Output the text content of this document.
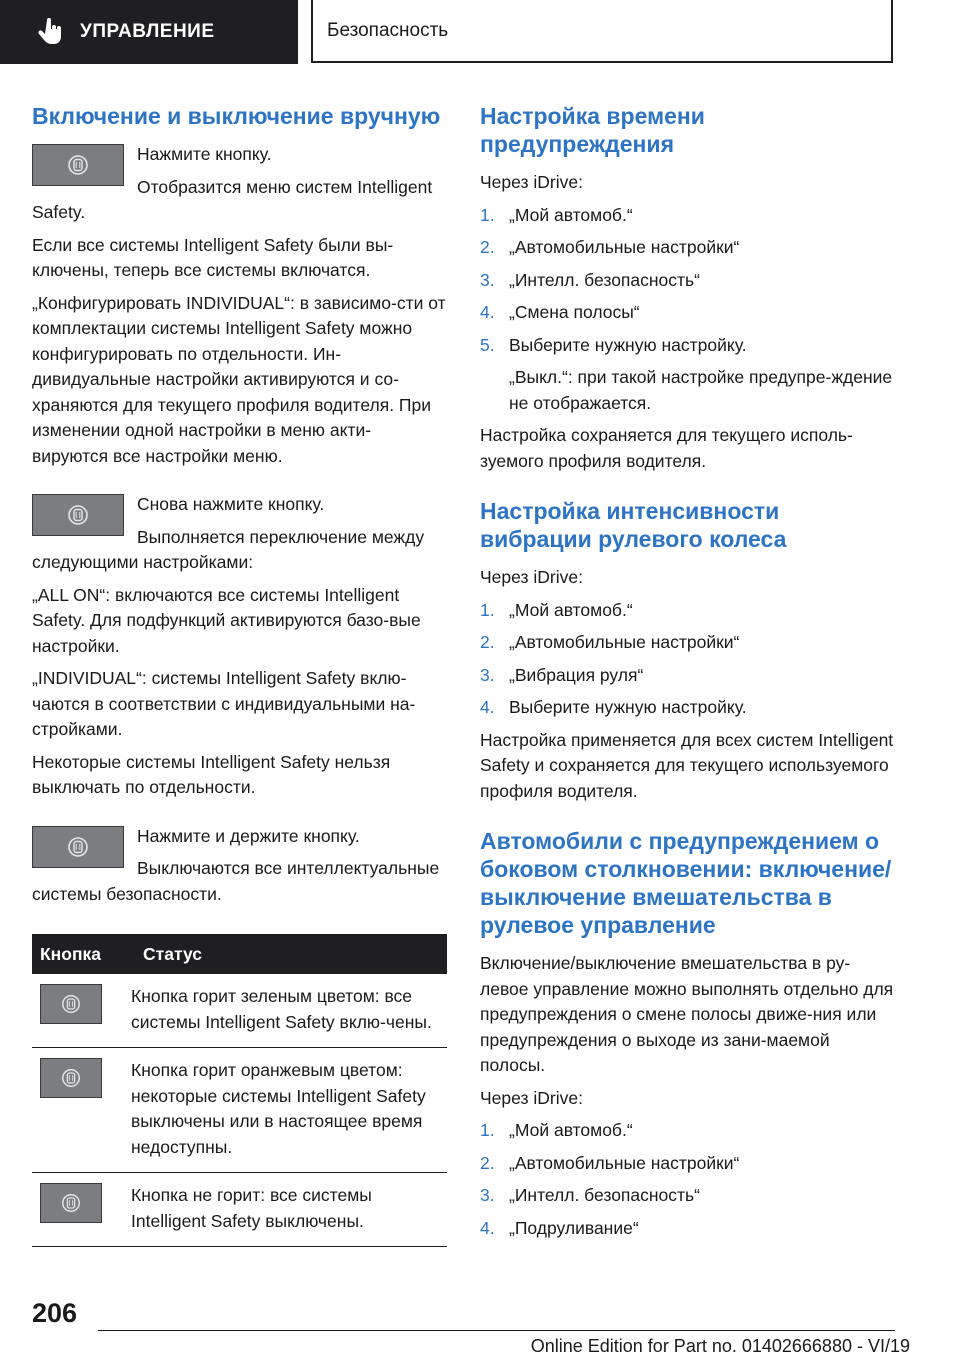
УПРАВЛЕНИЕ	Безопасность
Включение и выключение вручную

Нажмите кнопку.

Отобразится меню систем Intelligent Safety.

Если все системы Intelligent Safety были вы-ключены, теперь все системы включатся.

„Конфигурировать INDIVIDUAL“: в зависимо-сти от комплектации системы Intelligent Safety можно конфигурировать по отдельности. Ин-дивидуальные настройки активируются и со-храняются для текущего профиля водителя. При изменении одной настройки в меню акти-вируются все настройки меню.

Снова нажмите кнопку.

Выполняется переключение между следующими настройками:

„ALL ON“: включаются все системы Intelligent Safety. Для подфункций активируются базо-вые настройки.

„INDIVIDUAL“: системы Intelligent Safety вклю-чаются в соответствии с индивидуальными на-стройками.

Некоторые системы Intelligent Safety нельзя выключать по отдельности.

Нажмите и держите кнопку.

Выключаются все интеллектуальные системы безопасности.

Кнопка	Статус

	Кнопка горит зеленым цветом: все системы Intelligent Safety вклю-чены.

	Кнопка горит оранжевым цветом: некоторые системы Intelligent Safety выключены или в настоящее время недоступны.

	Кнопка не горит: все системы Intelligent Safety выключены.
Настройка времени предупреждения

Через iDrive:

1. „Мой автомоб.“
2. „Автомобильные настройки“
3. „Интелл. безопасность“
4. „Смена полосы“
5. Выберите нужную настройку.

„Выкл.“: при такой настройке предупре-ждение не отображается.

Настройка сохраняется для текущего исполь-зуемого профиля водителя.

Настройка интенсивности вибрации рулевого колеса

Через iDrive:

1. „Мой автомоб.“
2. „Автомобильные настройки“
3. „Вибрация руля“
4. Выберите нужную настройку.

Настройка применяется для всех систем Intelligent Safety и сохраняется для текущего используемого профиля водителя.

Автомобили с предупреждением о боковом столкновении: включение/выключение вмешательства в рулевое управление

Включение/выключение вмешательства в ру-левое управление можно выполнять отдельно для предупреждения о смене полосы движе-ния или предупреждения о выходе из зани-маемой полосы.

Через iDrive:

1. „Мой автомоб.“
2. „Автомобильные настройки“
3. „Интелл. безопасность“
4. „Подруливание“
206
Online Edition for Part no. 01402666880 - VI/19
